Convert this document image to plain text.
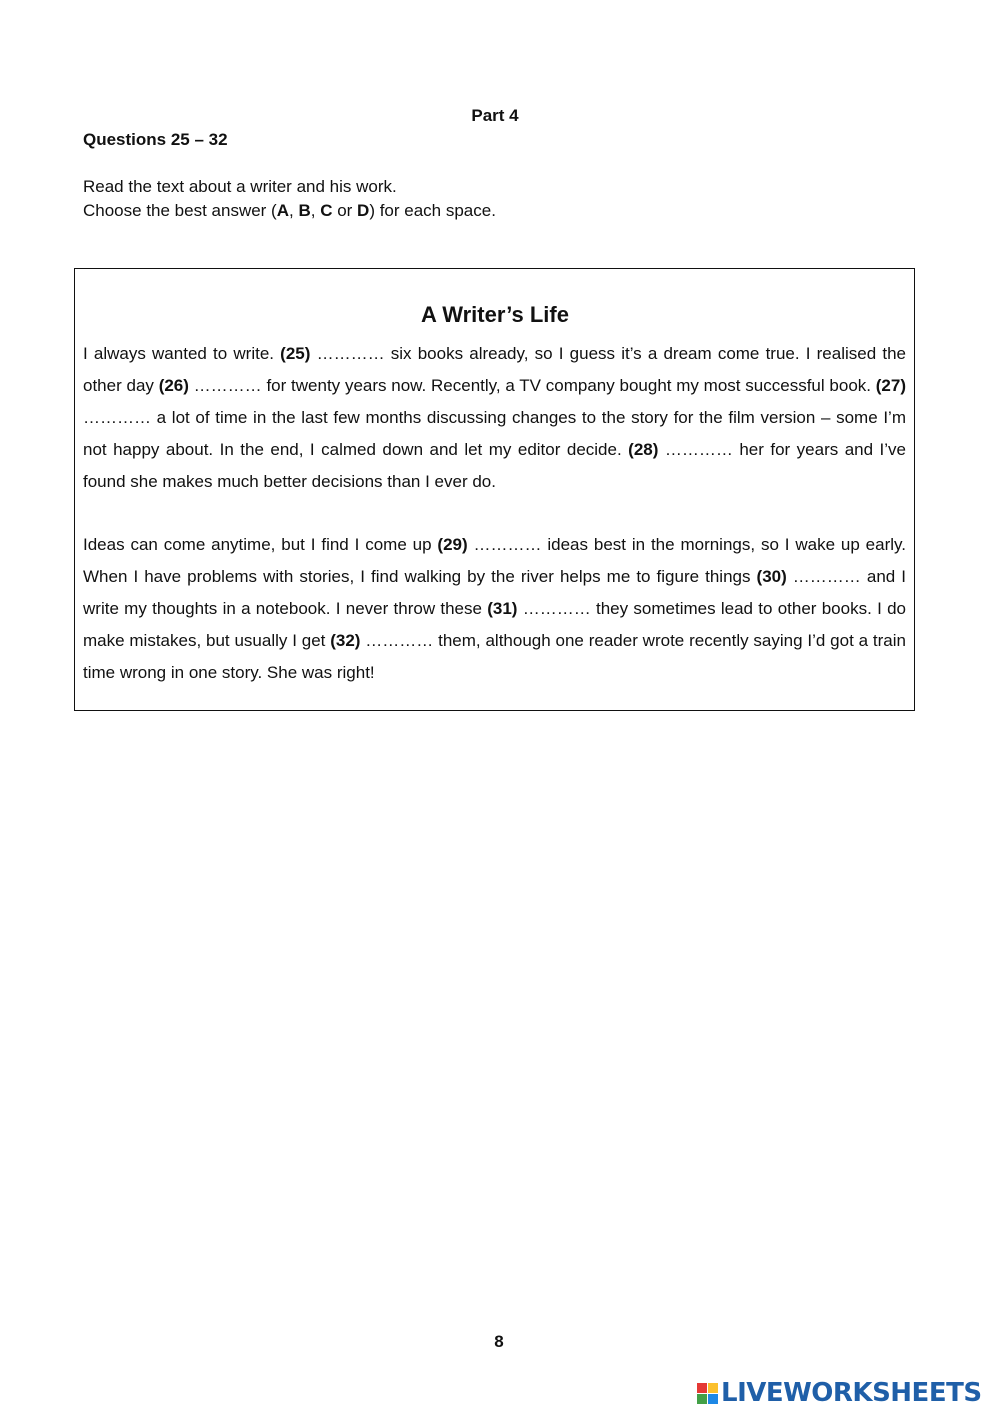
Part 4
Questions 25 – 32
Read the text about a writer and his work.
Choose the best answer (A, B, C or D) for each space.
A Writer’s Life

I always wanted to write. (25) ………… six books already, so I guess it’s a dream come true. I realised the other day (26) ………… for twenty years now. Recently, a TV company bought my most successful book. (27) ………… a lot of time in the last few months discussing changes to the story for the film version – some I’m not happy about. In the end, I calmed down and let my editor decide. (28) ………… her for years and I’ve found she makes much better decisions than I ever do.

Ideas can come anytime, but I find I come up (29) ………… ideas best in the mornings, so I wake up early. When I have problems with stories, I find walking by the river helps me to figure things (30) ………… and I write my thoughts in a notebook. I never throw these (31) ………… they sometimes lead to other books. I do make mistakes, but usually I get (32) ………… them, although one reader wrote recently saying I’d got a train time wrong in one story. She was right!

8
LIVEWORKSHEETS
